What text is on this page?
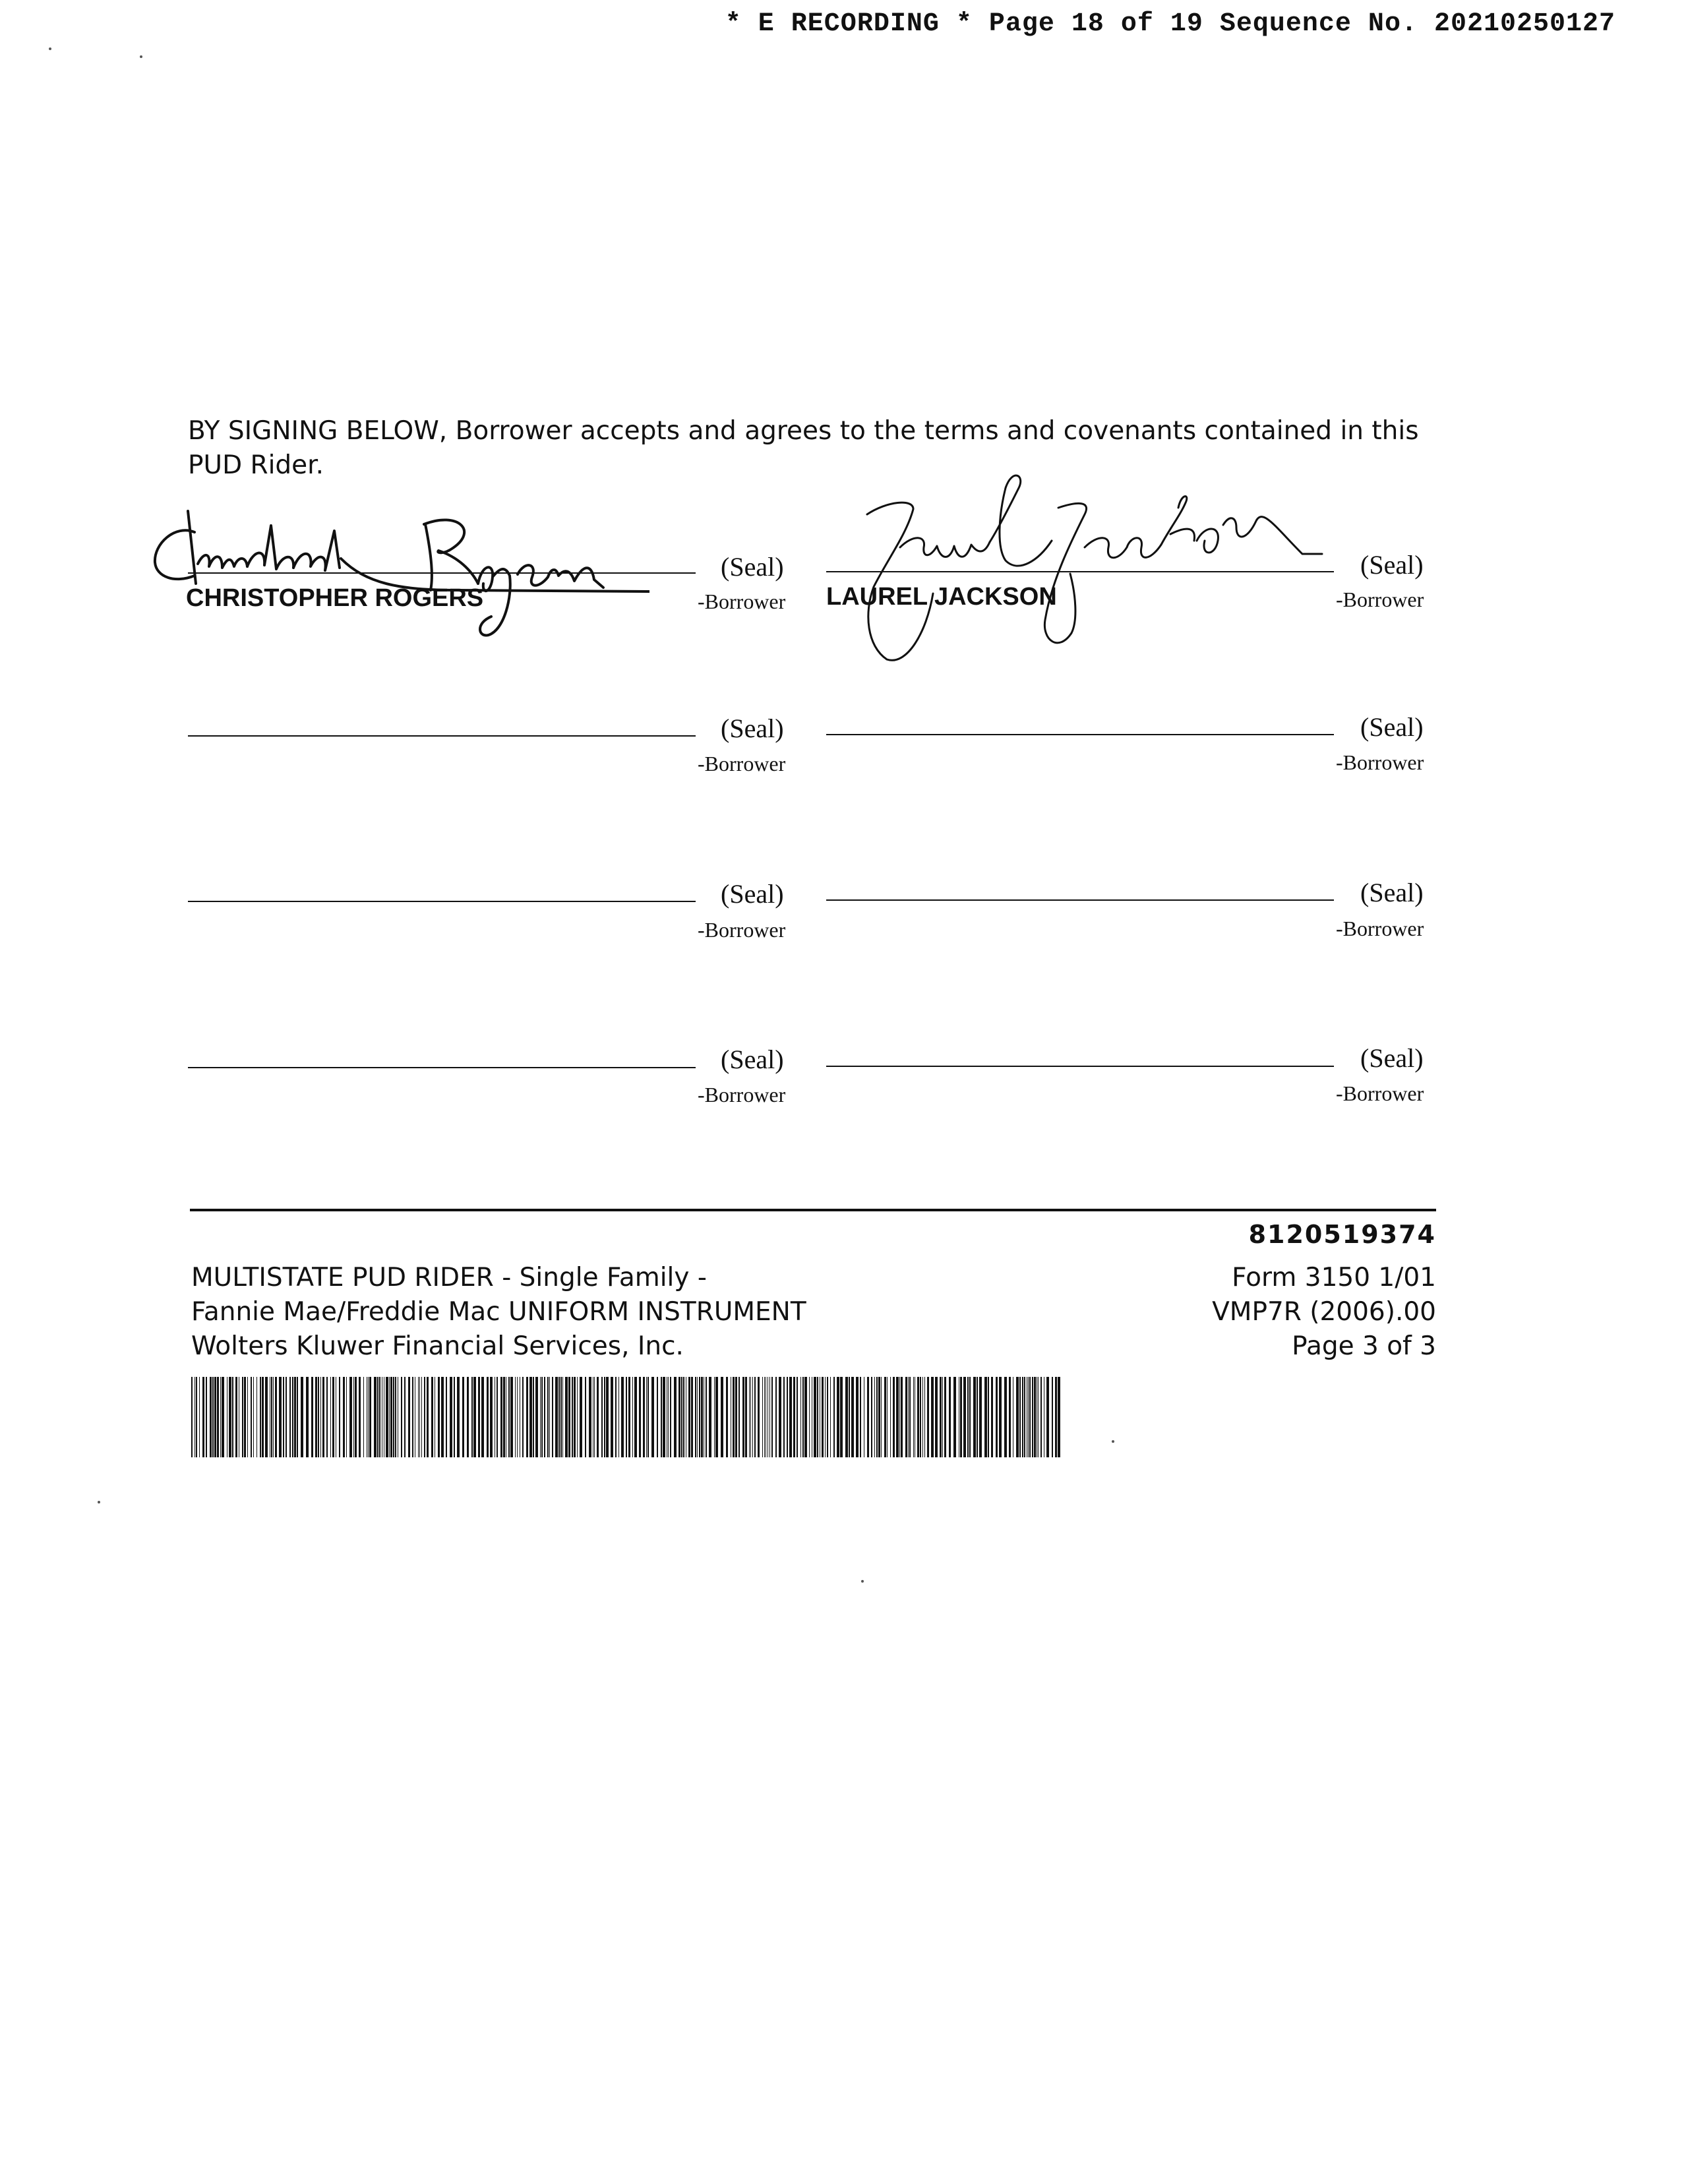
* E RECORDING * Page 18 of 19 Sequence No. 20210250127
BY SIGNING BELOW, Borrower accepts and agrees to the terms and covenants contained in this PUD Rider.
(Seal)
-Borrower
CHRISTOPHER ROGERS
(Seal)
-Borrower
LAUREL JACKSON
(Seal)
-Borrower
(Seal)
-Borrower
(Seal)
-Borrower
(Seal)
-Borrower
(Seal)
-Borrower
(Seal)
-Borrower
8120519374
MULTISTATE PUD RIDER - Single Family -
Fannie Mae/Freddie Mac UNIFORM INSTRUMENT
Wolters Kluwer Financial Services, Inc.
Form 3150 1/01
VMP7R (2006).00
Page 3 of 3
